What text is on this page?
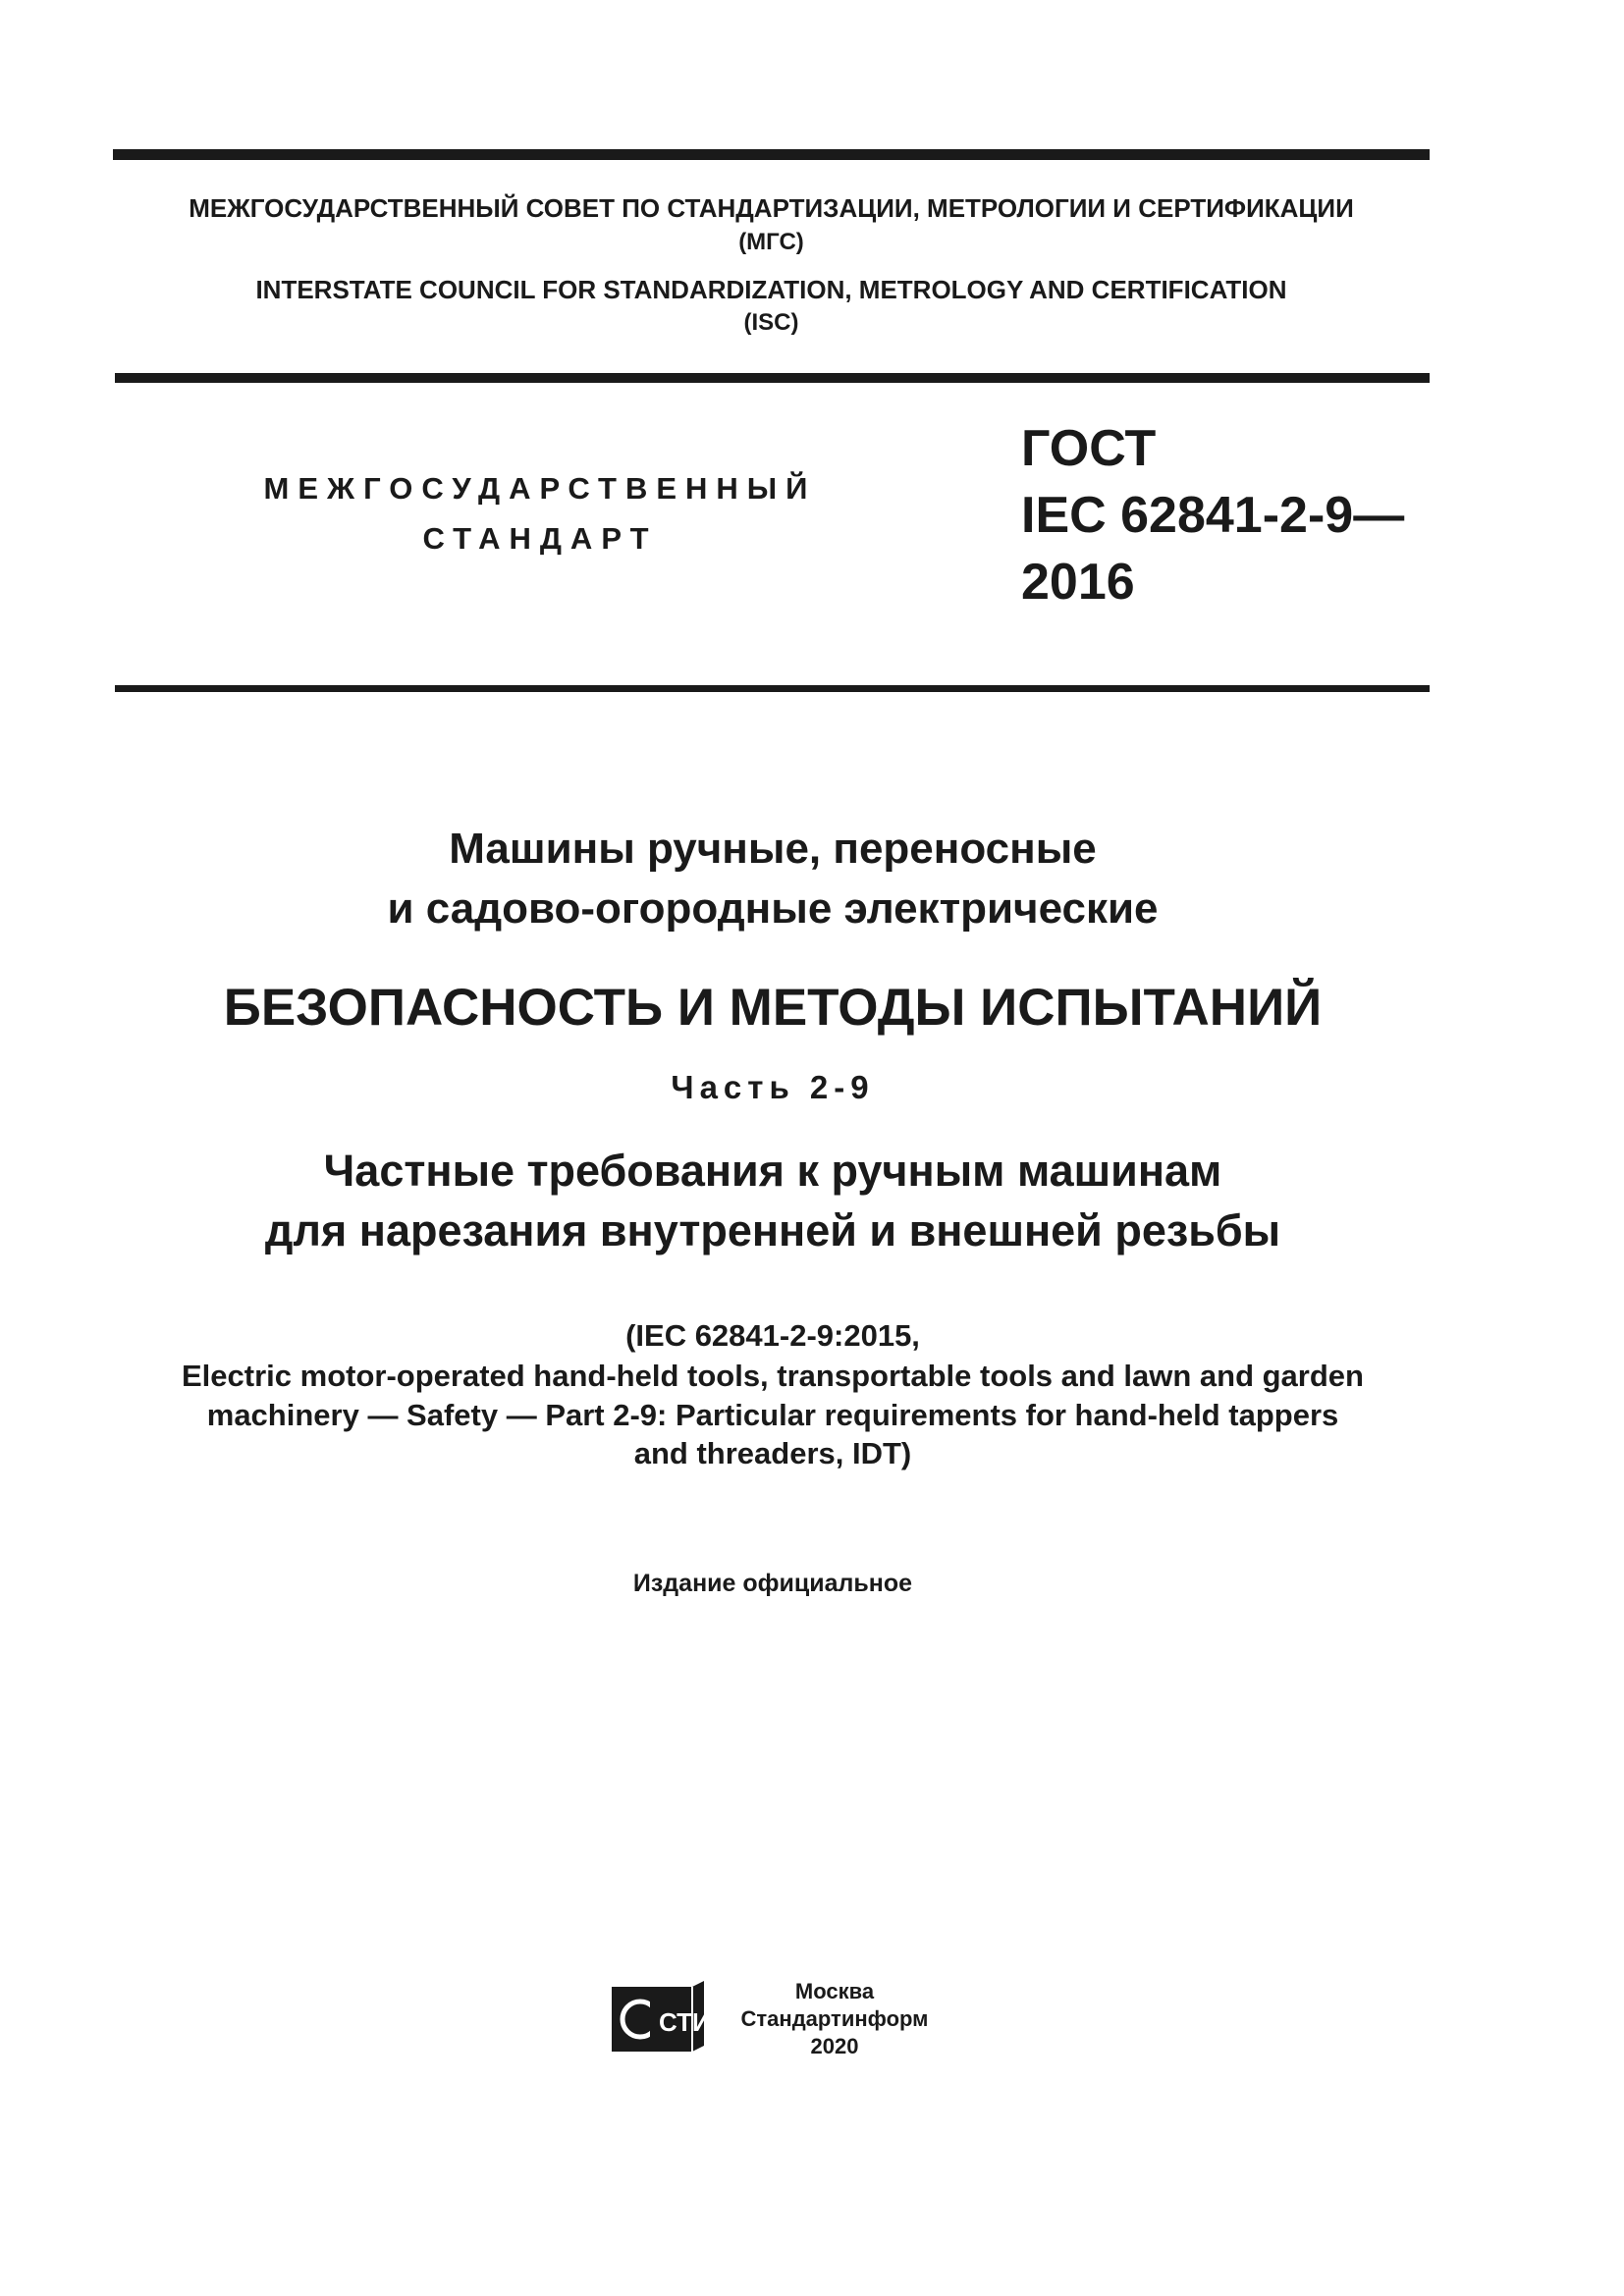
МЕЖГОСУДАРСТВЕННЫЙ СОВЕТ ПО СТАНДАРТИЗАЦИИ, МЕТРОЛОГИИ И СЕРТИФИКАЦИИ
(МГС)
INTERSTATE COUNCIL FOR STANDARDIZATION, METROLOGY AND CERTIFICATION
(ISC)
МЕЖГОСУДАРСТВЕННЫЙ
СТАНДАРТ
ГОСТ
IEC 62841-2-9—
2016
Машины ручные, переносные
и садово-огородные электрические
БЕЗОПАСНОСТЬ И МЕТОДЫ ИСПЫТАНИЙ
Часть 2-9
Частные требования к ручным машинам
для нарезания внутренней и внешней резьбы
(IEC 62841-2-9:2015,
Electric motor-operated hand-held tools, transportable tools and lawn and garden
machinery — Safety — Part 2-9: Particular requirements for hand-held tappers
and threaders, IDT)
Издание официальное
СТИ
Москва
Стандартинформ
2020
